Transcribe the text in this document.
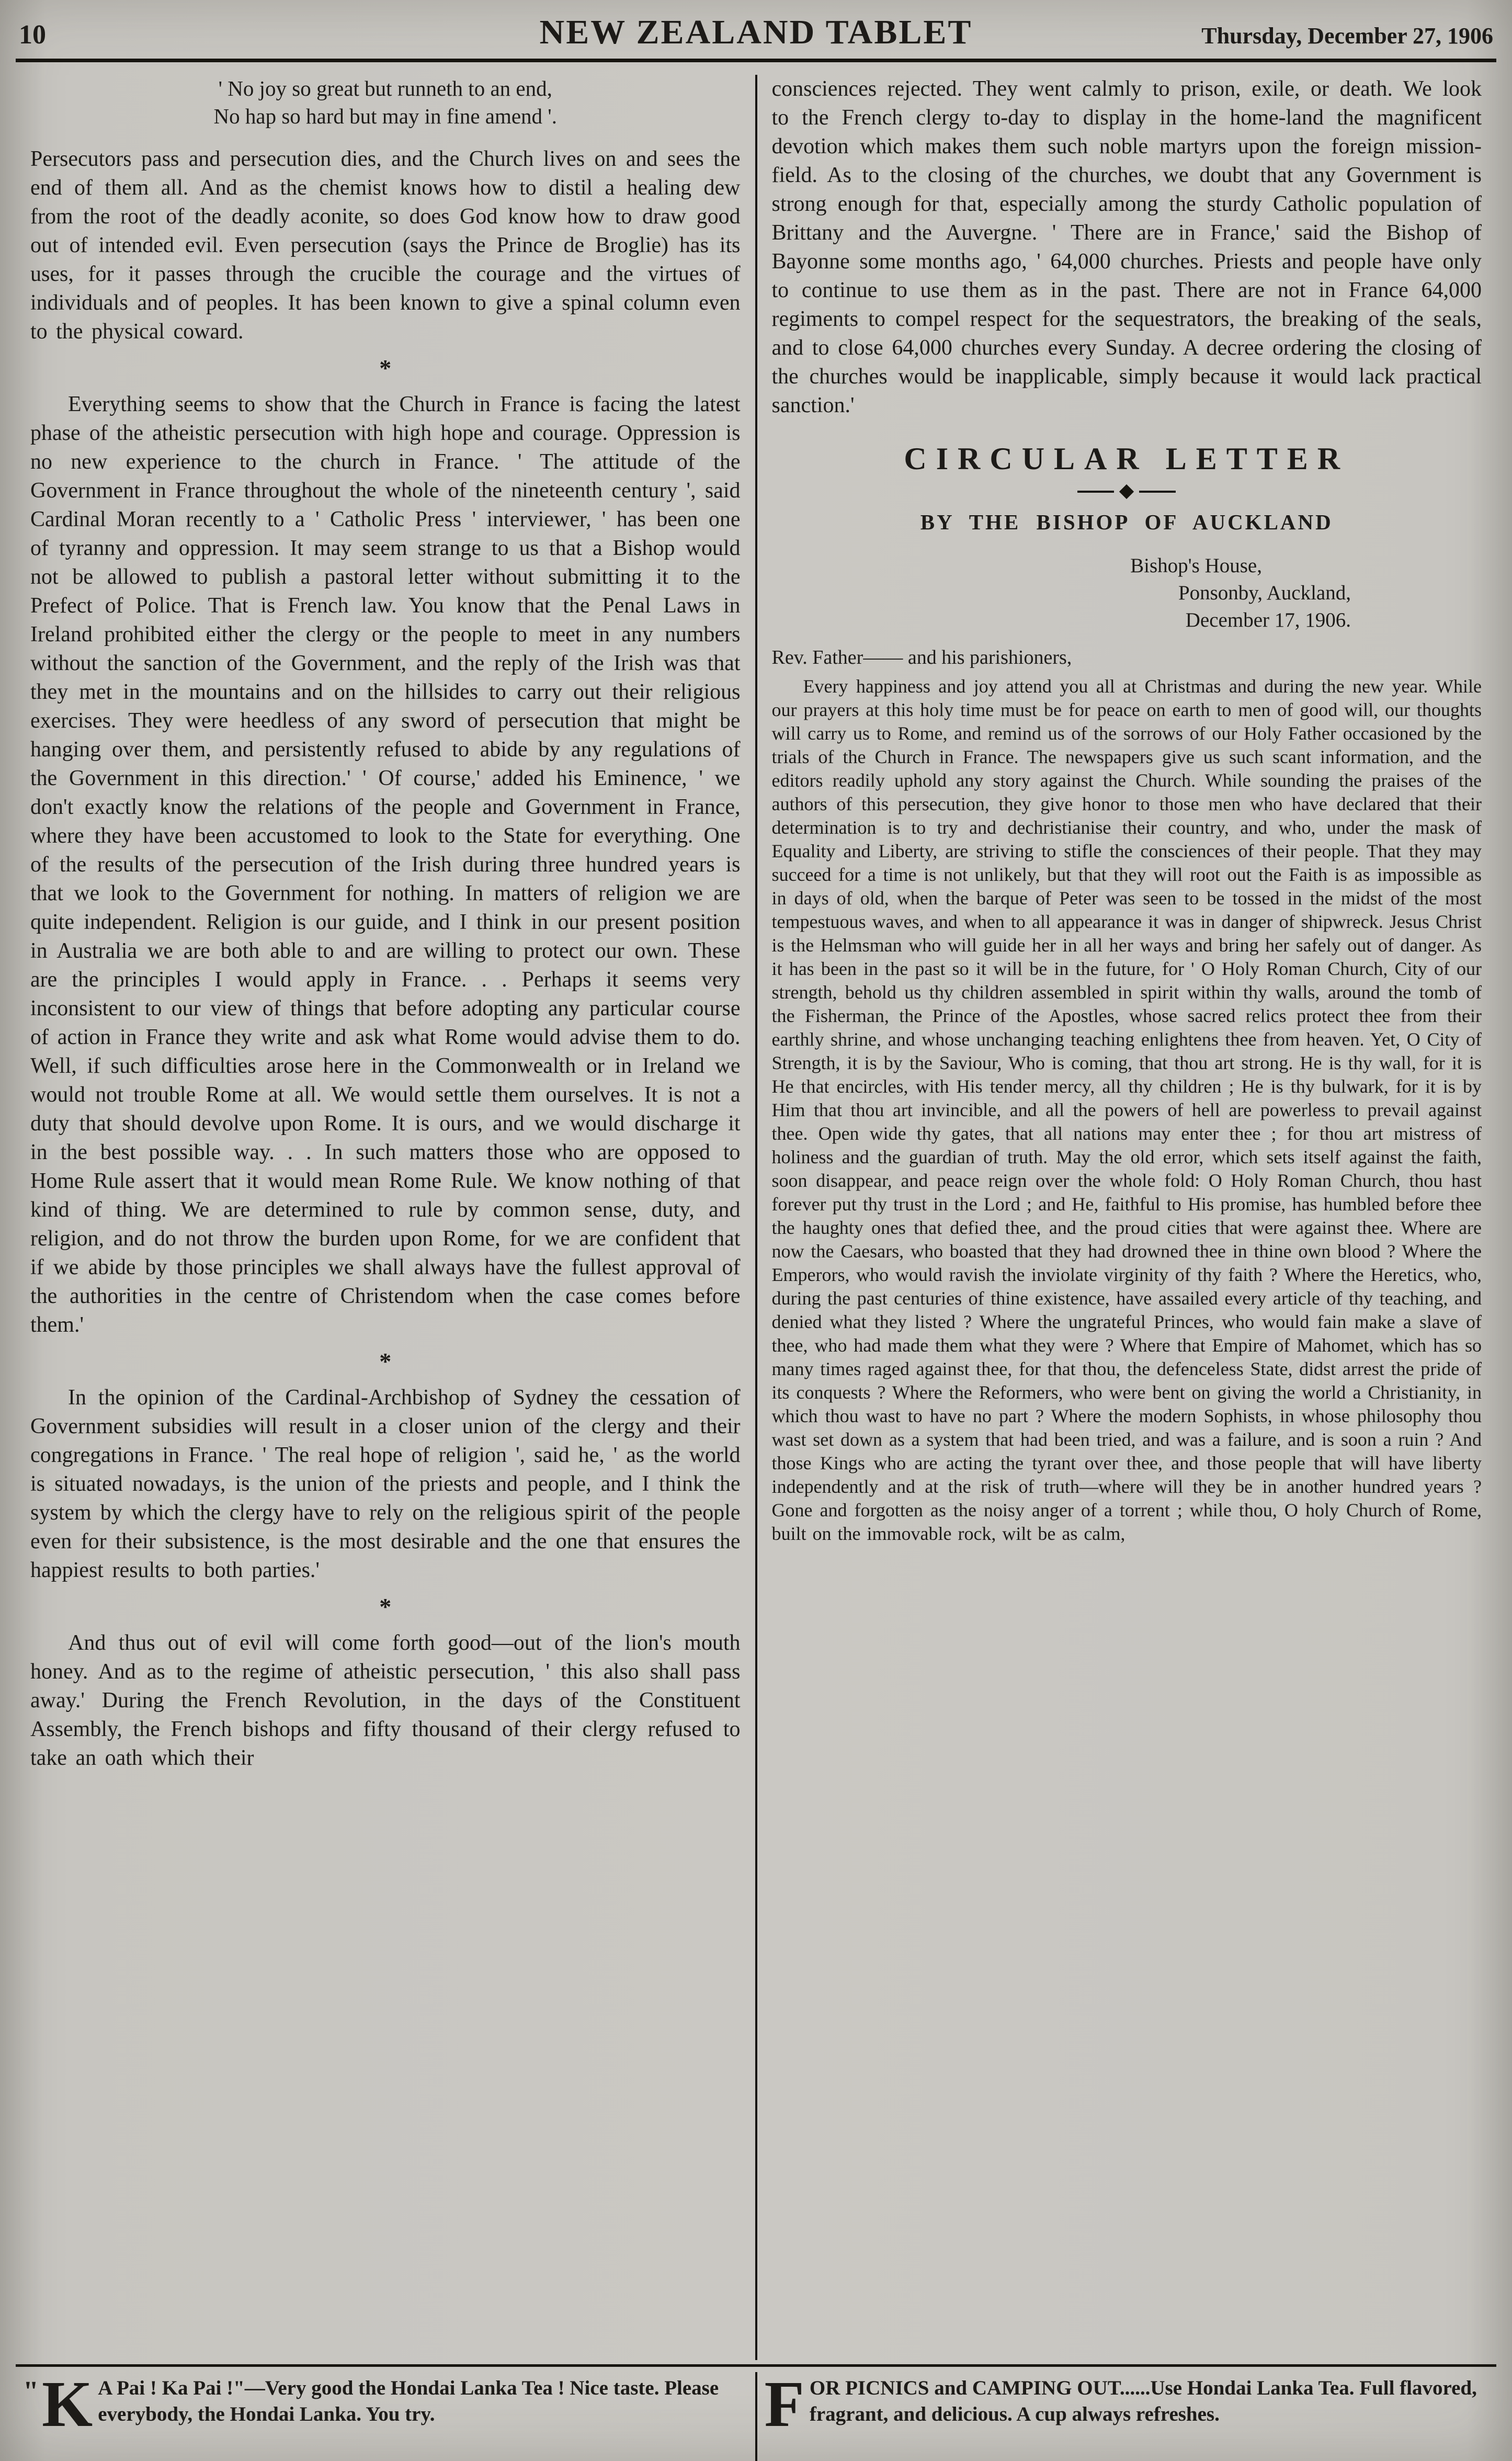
10	NEW ZEALAND TABLET	Thursday, December 27, 1906
' No joy so great but runneth to an end,
No hap so hard but may in fine amend '.

Persecutors pass and persecution dies, and the Church lives on and sees the end of them all. And as the chemist knows how to distil a healing dew from the root of the deadly aconite, so does God know how to draw good out of intended evil. Even persecution (says the Prince de Broglie) has its uses, for it passes through the crucible the courage and the virtues of individuals and of peoples. It has been known to give a spinal column even to the physical coward.

*

Everything seems to show that the Church in France is facing the latest phase of the atheistic persecution with high hope and courage. Oppression is no new experience to the church in France. ' The attitude of the Government in France throughout the whole of the nineteenth century ', said Cardinal Moran recently to a ' Catholic Press ' interviewer, ' has been one of tyranny and oppression. It may seem strange to us that a Bishop would not be allowed to publish a pastoral letter without submitting it to the Prefect of Police. That is French law. You know that the Penal Laws in Ireland prohibited either the clergy or the people to meet in any numbers without the sanction of the Government, and the reply of the Irish was that they met in the mountains and on the hillsides to carry out their religious exercises. They were heedless of any sword of persecution that might be hanging over them, and persistently refused to abide by any regulations of the Government in this direction.' ' Of course,' added his Eminence, ' we don't exactly know the relations of the people and Government in France, where they have been accustomed to look to the State for everything. One of the results of the persecution of the Irish during three hundred years is that we look to the Government for nothing. In matters of religion we are quite independent. Religion is our guide, and I think in our present position in Australia we are both able to and are willing to protect our own. These are the principles I would apply in France. . . Perhaps it seems very inconsistent to our view of things that before adopting any particular course of action in France they write and ask what Rome would advise them to do. Well, if such difficulties arose here in the Commonwealth or in Ireland we would not trouble Rome at all. We would settle them ourselves. It is not a duty that should devolve upon Rome. It is ours, and we would discharge it in the best possible way. . . In such matters those who are opposed to Home Rule assert that it would mean Rome Rule. We know nothing of that kind of thing. We are determined to rule by common sense, duty, and religion, and do not throw the burden upon Rome, for we are confident that if we abide by those principles we shall always have the fullest approval of the authorities in the centre of Christendom when the case comes before them.'

*

In the opinion of the Cardinal-Archbishop of Sydney the cessation of Government subsidies will result in a closer union of the clergy and their congregations in France. ' The real hope of religion ', said he, ' as the world is situated nowadays, is the union of the priests and people, and I think the system by which the clergy have to rely on the religious spirit of the people even for their subsistence, is the most desirable and the one that ensures the happiest results to both parties.'

*

And thus out of evil will come forth good—out of the lion's mouth honey. And as to the regime of atheistic persecution, ' this also shall pass away.' During the French Revolution, in the days of the Constituent Assembly, the French bishops and fifty thousand of their clergy refused to take an oath which their

consciences rejected. They went calmly to prison, exile, or death. We look to the French clergy to-day to display in the home-land the magnificent devotion which makes them such noble martyrs upon the foreign mission-field. As to the closing of the churches, we doubt that any Government is strong enough for that, especially among the sturdy Catholic population of Brittany and the Auvergne. ' There are in France,' said the Bishop of Bayonne some months ago, ' 64,000 churches. Priests and people have only to continue to use them as in the past. There are not in France 64,000 regiments to compel respect for the sequestrators, the breaking of the seals, and to close 64,000 churches every Sunday. A decree ordering the closing of the churches would be inapplicable, simply because it would lack practical sanction.'

CIRCULAR LETTER
BY THE BISHOP OF AUCKLAND
Bishop's House,
Ponsonby, Auckland,
December 17, 1906.

Rev. Father—— and his parishioners,

Every happiness and joy attend you all at Christmas and during the new year. While our prayers at this holy time must be for peace on earth to men of good will, our thoughts will carry us to Rome, and remind us of the sorrows of our Holy Father occasioned by the trials of the Church in France. The newspapers give us such scant information, and the editors readily uphold any story against the Church. While sounding the praises of the authors of this persecution, they give honor to those men who have declared that their determination is to try and dechristianise their country, and who, under the mask of Equality and Liberty, are striving to stifle the consciences of their people. That they may succeed for a time is not unlikely, but that they will root out the Faith is as impossible as in days of old, when the barque of Peter was seen to be tossed in the midst of the most tempestuous waves, and when to all appearance it was in danger of shipwreck. Jesus Christ is the Helmsman who will guide her in all her ways and bring her safely out of danger. As it has been in the past so it will be in the future, for ' O Holy Roman Church, City of our strength, behold us thy children assembled in spirit within thy walls, around the tomb of the Fisherman, the Prince of the Apostles, whose sacred relics protect thee from their earthly shrine, and whose unchanging teaching enlightens thee from heaven. Yet, O City of Strength, it is by the Saviour, Who is coming, that thou art strong. He is thy wall, for it is He that encircles, with His tender mercy, all thy children ; He is thy bulwark, for it is by Him that thou art invincible, and all the powers of hell are powerless to prevail against thee. Open wide thy gates, that all nations may enter thee ; for thou art mistress of holiness and the guardian of truth. May the old error, which sets itself against the faith, soon disappear, and peace reign over the whole fold: O Holy Roman Church, thou hast forever put thy trust in the Lord ; and He, faithful to His promise, has humbled before thee the haughty ones that defied thee, and the proud cities that were against thee. Where are now the Caesars, who boasted that they had drowned thee in thine own blood ? Where the Emperors, who would ravish the inviolate virginity of thy faith ? Where the Heretics, who, during the past centuries of thine existence, have assailed every article of thy teaching, and denied what they listed ? Where the ungrateful Princes, who would fain make a slave of thee, who had made them what they were ? Where that Empire of Mahomet, which has so many times raged against thee, for that thou, the defenceless State, didst arrest the pride of its conquests ? Where the Reformers, who were bent on giving the world a Christianity, in which thou wast to have no part ? Where the modern Sophists, in whose philosophy thou wast set down as a system that had been tried, and was a failure, and is soon a ruin ? And those Kings who are acting the tyrant over thee, and those people that will have liberty independently and at the risk of truth—where will they be in another hundred years ? Gone and forgotten as the noisy anger of a torrent ; while thou, O holy Church of Rome, built on the immovable rock, wilt be as calm,

" K A Pai ! Ka Pai !"—Very good the Hondai Lanka Tea ! Nice taste. Please everybody, the Hondai Lanka. You try.	F OR PICNICS and CAMPING OUT......Use Hondai Lanka Tea. Full flavored, fragrant, and delicious. A cup always refreshes.
